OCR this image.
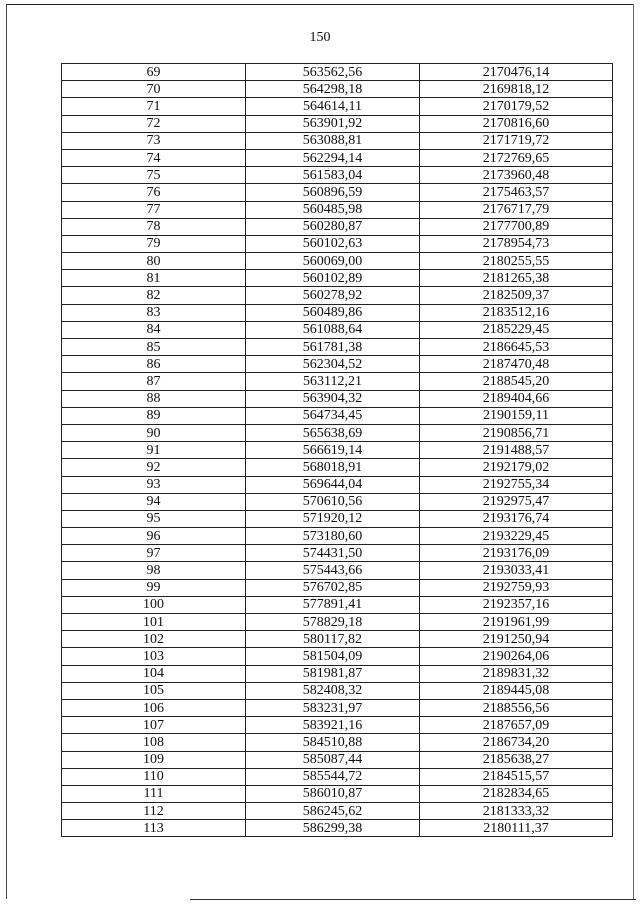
150
69	563562,56	2170476,14
70	564298,18	2169818,12
71	564614,11	2170179,52
72	563901,92	2170816,60
73	563088,81	2171719,72
74	562294,14	2172769,65
75	561583,04	2173960,48
76	560896,59	2175463,57
77	560485,98	2176717,79
78	560280,87	2177700,89
79	560102,63	2178954,73
80	560069,00	2180255,55
81	560102,89	2181265,38
82	560278,92	2182509,37
83	560489,86	2183512,16
84	561088,64	2185229,45
85	561781,38	2186645,53
86	562304,52	2187470,48
87	563112,21	2188545,20
88	563904,32	2189404,66
89	564734,45	2190159,11
90	565638,69	2190856,71
91	566619,14	2191488,57
92	568018,91	2192179,02
93	569644,04	2192755,34
94	570610,56	2192975,47
95	571920,12	2193176,74
96	573180,60	2193229,45
97	574431,50	2193176,09
98	575443,66	2193033,41
99	576702,85	2192759,93
100	577891,41	2192357,16
101	578829,18	2191961,99
102	580117,82	2191250,94
103	581504,09	2190264,06
104	581981,87	2189831,32
105	582408,32	2189445,08
106	583231,97	2188556,56
107	583921,16	2187657,09
108	584510,88	2186734,20
109	585087,44	2185638,27
110	585544,72	2184515,57
111	586010,87	2182834,65
112	586245,62	2181333,32
113	586299,38	2180111,37
